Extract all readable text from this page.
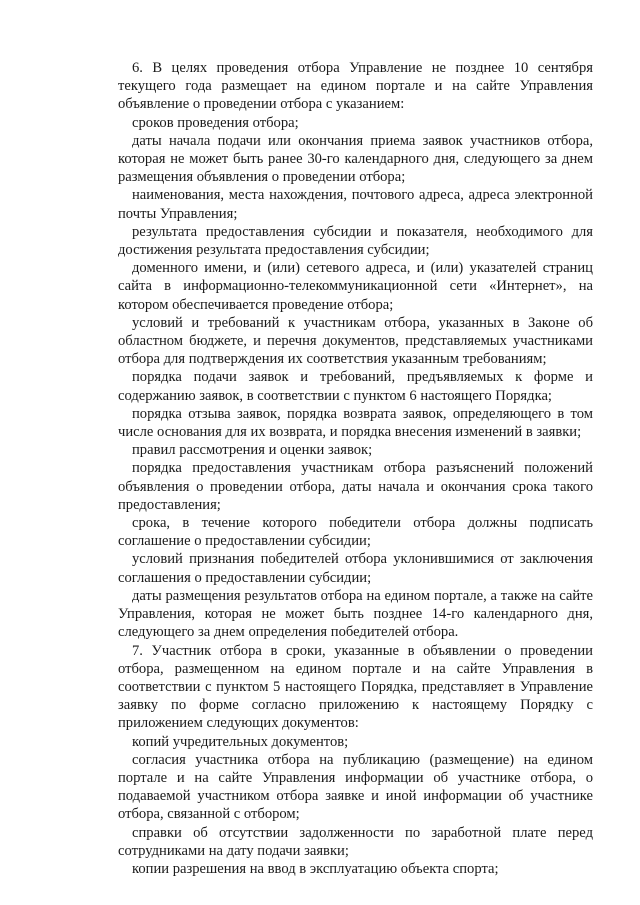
6. В целях проведения отбора Управление не позднее 10 сентября текущего года размещает на едином портале и на сайте Управления объявление о проведении отбора с указанием:

сроков проведения отбора;

даты начала подачи или окончания приема заявок участников отбора, которая не может быть ранее 30-го календарного дня, следующего за днем размещения объявления о проведении отбора;

наименования, места нахождения, почтового адреса, адреса электронной почты Управления;

результата предоставления субсидии и показателя, необходимого для достижения результата предоставления субсидии;

доменного имени, и (или) сетевого адреса, и (или) указателей страниц сайта в информационно-телекоммуникационной сети «Интернет», на котором обеспечивается проведение отбора;

условий и требований к участникам отбора, указанных в Законе об областном бюджете, и перечня документов, представляемых участниками отбора для подтверждения их соответствия указанным требованиям;

порядка подачи заявок и требований, предъявляемых к форме и содержанию заявок, в соответствии с пунктом 6 настоящего Порядка;

порядка отзыва заявок, порядка возврата заявок, определяющего в том числе основания для их возврата, и порядка внесения изменений в заявки;

правил рассмотрения и оценки заявок;

порядка предоставления участникам отбора разъяснений положений объявления о проведении отбора, даты начала и окончания срока такого предоставления;

срока, в течение которого победители отбора должны подписать соглашение о предоставлении субсидии;

условий признания победителей отбора уклонившимися от заключения соглашения о предоставлении субсидии;

даты размещения результатов отбора на едином портале, а также на сайте Управления, которая не может быть позднее 14-го календарного дня, следующего за днем определения победителей отбора.

7. Участник отбора в сроки, указанные в объявлении о проведении отбора, размещенном на едином портале и на сайте Управления в соответствии с пунктом 5 настоящего Порядка, представляет в Управление заявку по форме согласно приложению к настоящему Порядку с приложением следующих документов:

копий учредительных документов;

согласия участника отбора на публикацию (размещение) на едином портале и на сайте Управления информации об участнике отбора, о подаваемой участником отбора заявке и иной информации об участнике отбора, связанной с отбором;

справки об отсутствии задолженности по заработной плате перед сотрудниками на дату подачи заявки;

копии разрешения на ввод в эксплуатацию объекта спорта;
